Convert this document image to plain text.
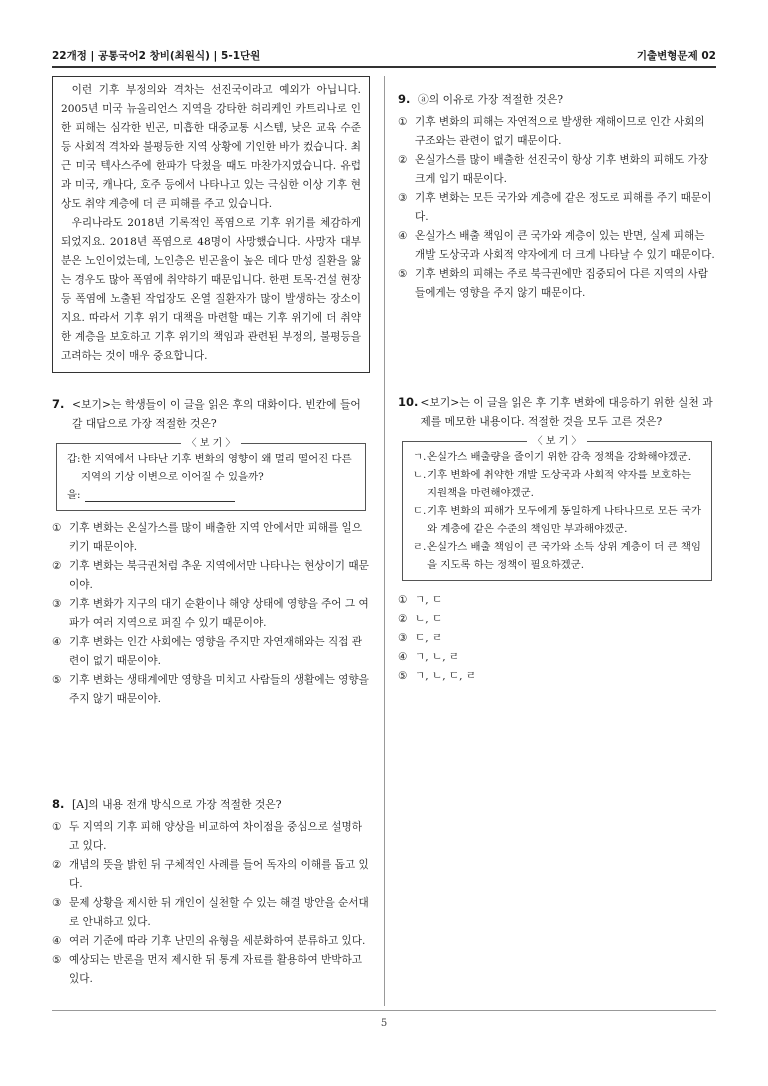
22개정 | 공통국어2 창비(최원식) | 5-1단원	기출변형문제 02

이런 기후 부정의와 격차는 선진국이라고 예외가 아닙니다. 2005년 미국 뉴올리언스 지역을 강타한 허리케인 카트리나로 인한 피해는 심각한 빈곤, 미흡한 대중교통 시스템, 낮은 교육 수준 등 사회적 격차와 불평등한 지역 상황에 기인한 바가 컸습니다. 최근 미국 텍사스주에 한파가 닥쳤을 때도 마찬가지였습니다. 유럽과 미국, 캐나다, 호주 등에서 나타나고 있는 극심한 이상 기후 현상도 취약 계층에 더 큰 피해를 주고 있습니다.

우리나라도 2018년 기록적인 폭염으로 기후 위기를 체감하게 되었지요. 2018년 폭염으로 48명이 사망했습니다. 사망자 대부분은 노인이었는데, 노인층은 빈곤율이 높은 데다 만성 질환을 앓는 경우도 많아 폭염에 취약하기 때문입니다. 한편 토목·건설 현장 등 폭염에 노출된 작업장도 온열 질환자가 많이 발생하는 장소이지요. 따라서 기후 위기 대책을 마련할 때는 기후 위기에 더 취약한 계층을 보호하고 기후 위기의 책임과 관련된 부정의, 불평등을 고려하는 것이 매우 중요합니다.

7. <보기>는 학생들이 이 글을 읽은 후의 대화이다. 빈칸에 들어갈 대답으로 가장 적절한 것은?
〈 보 기 〉
갑: 한 지역에서 나타난 기후 변화의 영향이 왜 멀리 떨어진 다른 지역의 기상 이변으로 이어질 수 있을까?
을:
① 기후 변화는 온실가스를 많이 배출한 지역 안에서만 피해를 일으키기 때문이야.
② 기후 변화는 북극권처럼 추운 지역에서만 나타나는 현상이기 때문이야.
③ 기후 변화가 지구의 대기 순환이나 해양 상태에 영향을 주어 그 여파가 여러 지역으로 퍼질 수 있기 때문이야.
④ 기후 변화는 인간 사회에는 영향을 주지만 자연재해와는 직접 관련이 없기 때문이야.
⑤ 기후 변화는 생태계에만 영향을 미치고 사람들의 생활에는 영향을 주지 않기 때문이야.
8. [A]의 내용 전개 방식으로 가장 적절한 것은?
① 두 지역의 기후 피해 양상을 비교하여 차이점을 중심으로 설명하고 있다.
② 개념의 뜻을 밝힌 뒤 구체적인 사례를 들어 독자의 이해를 돕고 있다.
③ 문제 상황을 제시한 뒤 개인이 실천할 수 있는 해결 방안을 순서대로 안내하고 있다.
④ 여러 기준에 따라 기후 난민의 유형을 세분화하여 분류하고 있다.
⑤ 예상되는 반론을 먼저 제시한 뒤 통계 자료를 활용하여 반박하고 있다.
9. ⓐ의 이유로 가장 적절한 것은?
① 기후 변화의 피해는 자연적으로 발생한 재해이므로 인간 사회의 구조와는 관련이 없기 때문이다.
② 온실가스를 많이 배출한 선진국이 항상 기후 변화의 피해도 가장 크게 입기 때문이다.
③ 기후 변화는 모든 국가와 계층에 같은 정도로 피해를 주기 때문이다.
④ 온실가스 배출 책임이 큰 국가와 계층이 있는 반면, 실제 피해는 개발 도상국과 사회적 약자에게 더 크게 나타날 수 있기 때문이다.
⑤ 기후 변화의 피해는 주로 북극권에만 집중되어 다른 지역의 사람들에게는 영향을 주지 않기 때문이다.
10. <보기>는 이 글을 읽은 후 기후 변화에 대응하기 위한 실천 과제를 메모한 내용이다. 적절한 것을 모두 고른 것은?
〈 보 기 〉
ㄱ. 온실가스 배출량을 줄이기 위한 감축 정책을 강화해야겠군.
ㄴ. 기후 변화에 취약한 개발 도상국과 사회적 약자를 보호하는 지원책을 마련해야겠군.
ㄷ. 기후 변화의 피해가 모두에게 동일하게 나타나므로 모든 국가와 계층에 같은 수준의 책임만 부과해야겠군.
ㄹ. 온실가스 배출 책임이 큰 국가와 소득 상위 계층이 더 큰 책임을 지도록 하는 정책이 필요하겠군.
① ㄱ, ㄷ
② ㄴ, ㄷ
③ ㄷ, ㄹ
④ ㄱ, ㄴ, ㄹ
⑤ ㄱ, ㄴ, ㄷ, ㄹ
5
